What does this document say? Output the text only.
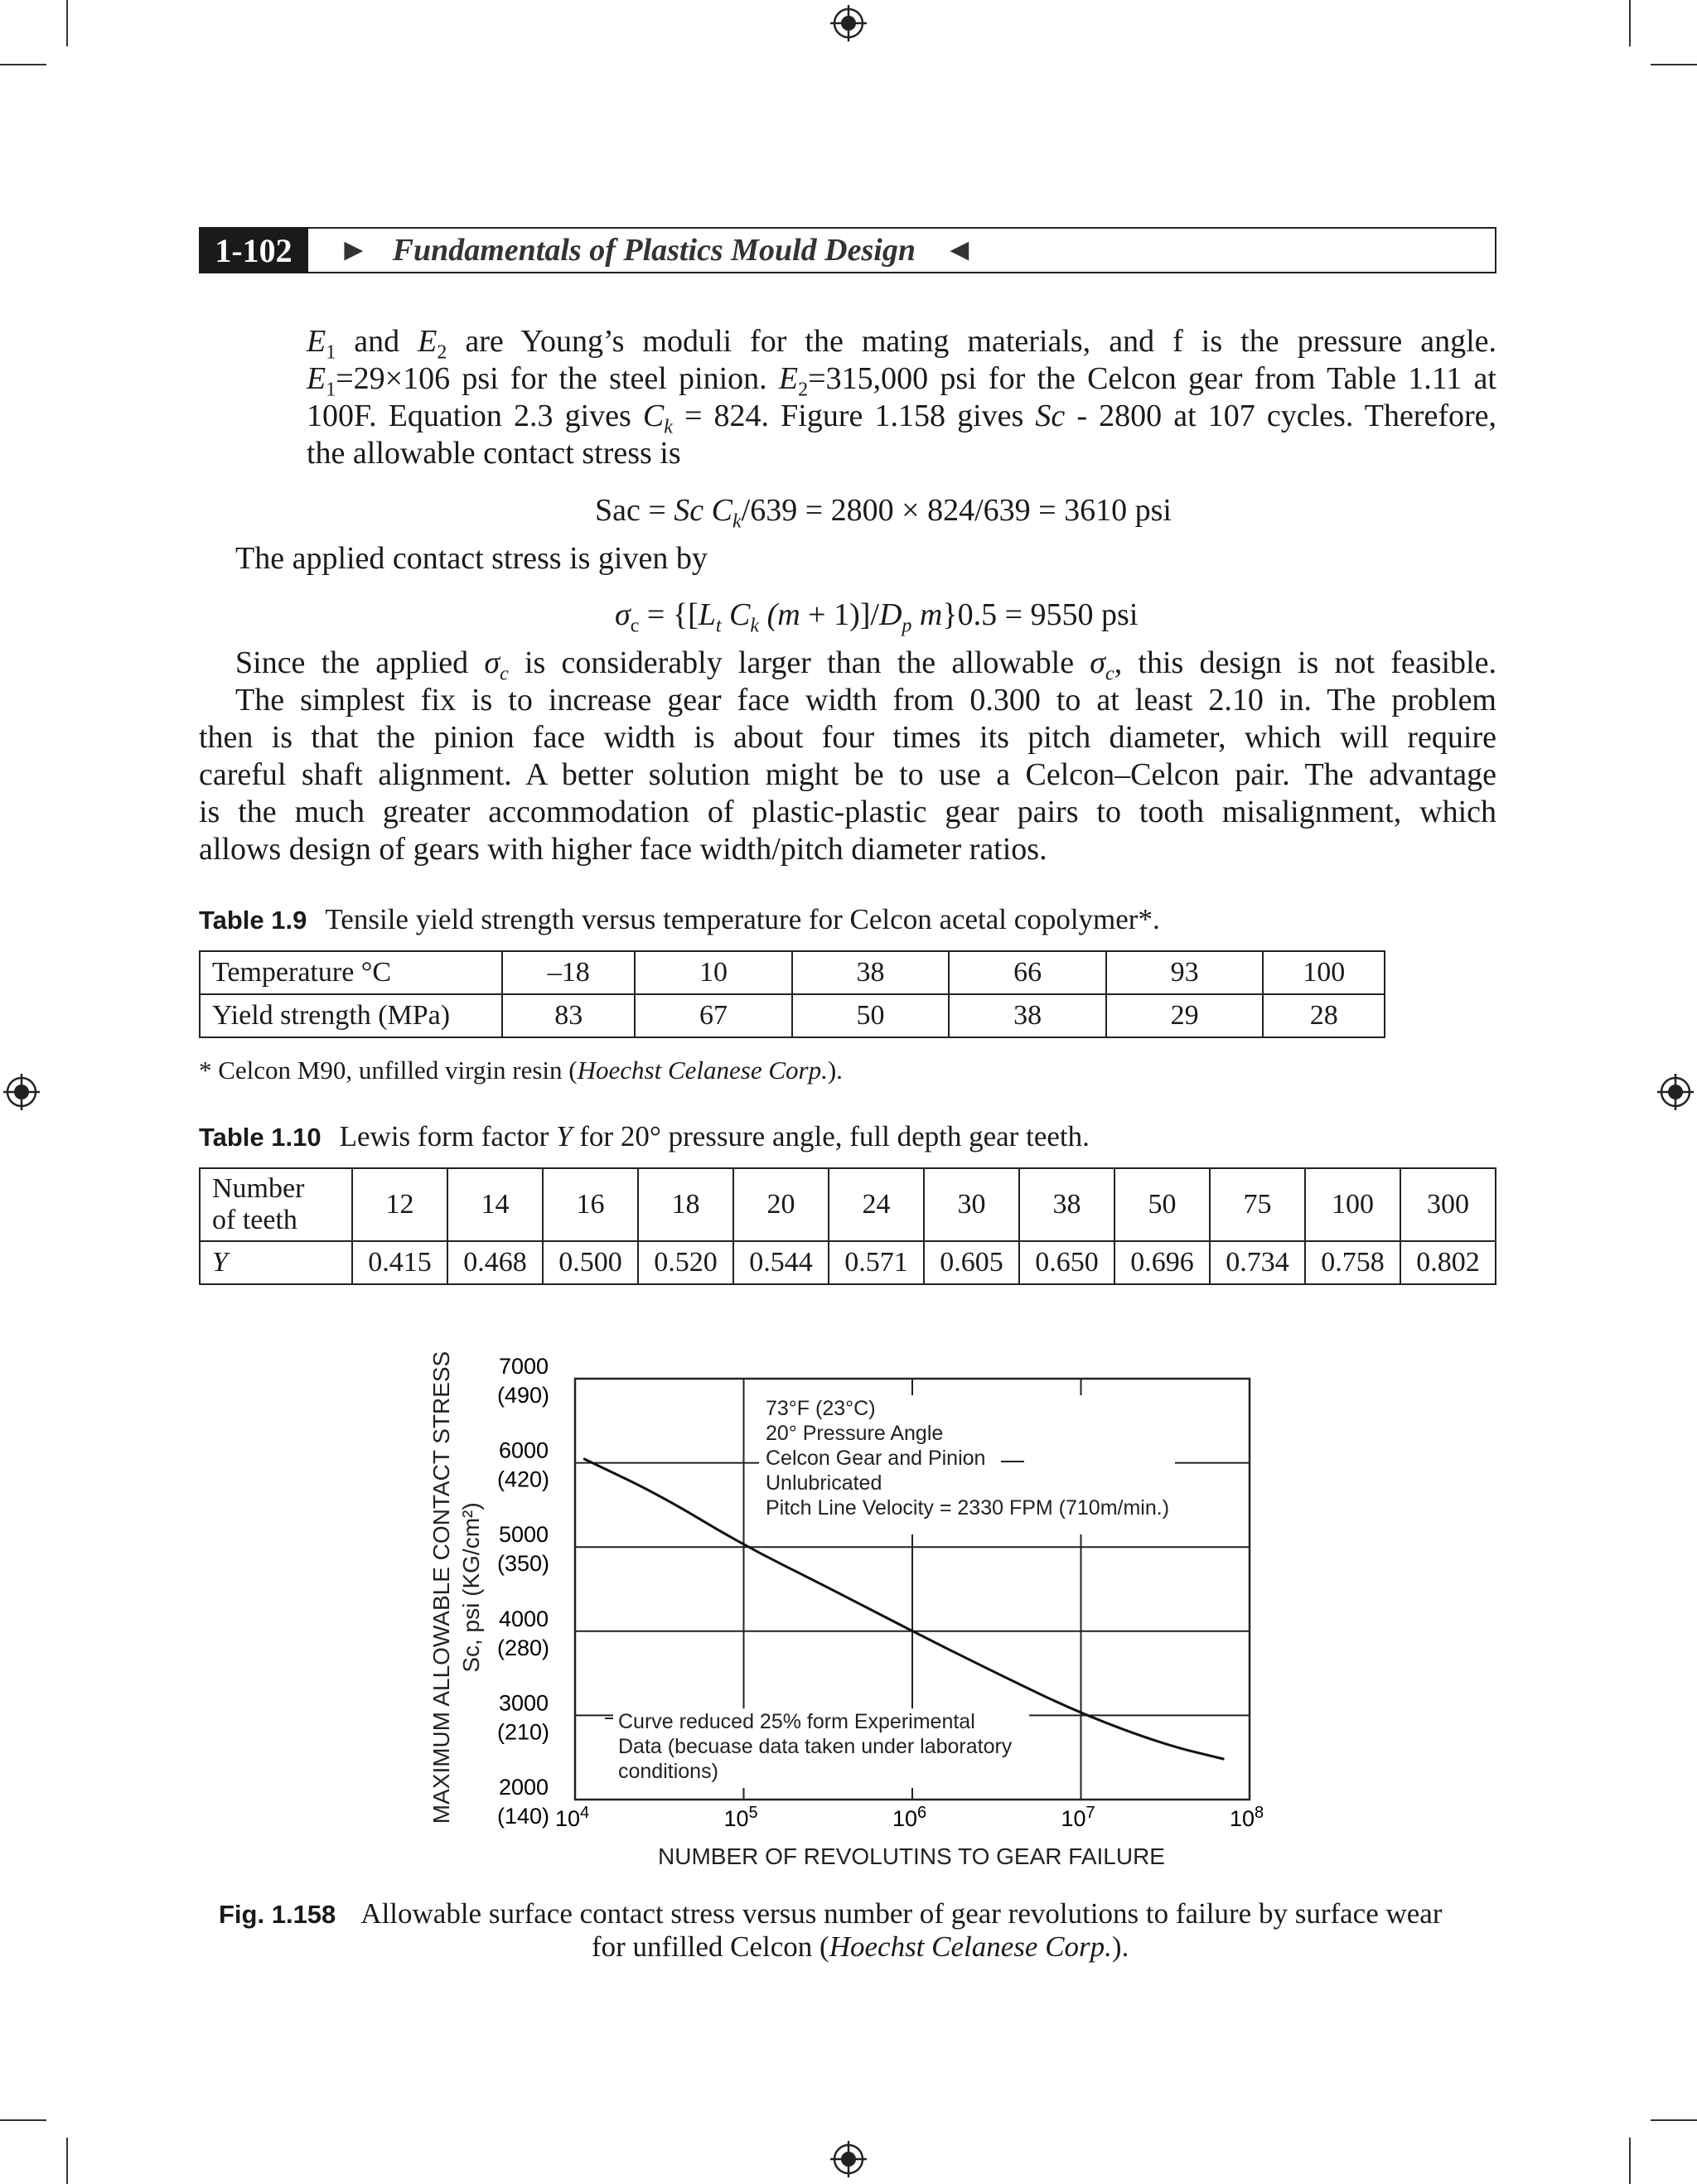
1-102	► Fundamentals of Plastics Mould Design ◄
$E_1$ and $E_2$ are Young’s moduli for the mating materials, and f is the pressure angle.
$E_1=29\times 106$ psi for the steel pinion. $E_2=315,000$ psi for the Celcon gear from Table 1.11 at
100F. Equation 2.3 gives $C_k = 824$. Figure 1.158 gives Sc - 2800 at 107 cycles. Therefore,
the allowable contact stress is
Sac = Sc $C_k/639 = 2800 \times 824/639 = 3610$ psi
The applied contact stress is given by
$\sigma_c = \{[L_t$ $C_k$ $(m + 1)]/D_p$ m}0.5 = 9550 psi
Since the applied $\sigma_c$ is considerably larger than the allowable $\sigma_c$, this design is not feasible.
The simplest fix is to increase gear face width from 0.300 to at least 2.10 in. The problem
then is that the pinion face width is about four times its pitch diameter, which will require
careful shaft alignment. A better solution might be to use a Celcon–Celcon pair. The advantage
is the much greater accommodation of plastic-plastic gear pairs to tooth misalignment, which
allows design of gears with higher face width/pitch diameter ratios.
Table 1.9 Tensile yield strength versus temperature for Celcon acetal copolymer*.
Temperature °C	–18	10	38	66	93	100
Yield strength (MPa)	83	67	50	38	29	28
* Celcon M90, unfilled virgin resin (Hoechst Celanese Corp.).
Table 1.10 Lewis form factor Y for 20° pressure angle, full depth gear teeth.
Number
of teeth	12	14	16	18	20	24	30	38	50	75	100	300
Y	0.415	0.468	0.500	0.520	0.544	0.571	0.605	0.650	0.696	0.734	0.758	0.802
7000
(490)
6000
(420)
5000
(350)
4000
(280)
3000
(210)
2000
(140) $10^4$	$10^5$	$10^6$	$10^7$	$10^8$
73°F (23°C)
20° Pressure Angle
Celcon Gear and Pinion
Unlubricated
Pitch Line Velocity = 2330 FPM (710m/min.)
Curve reduced 25% form Experimental
Data (becuase data taken under laboratory
conditions)
NUMBER OF REVOLUTINS TO GEAR FAILURE
MAXIMUM ALLOWABLE CONTACT STRESS Sc, psi (KG/cm²)
Fig. 1.158 Allowable surface contact stress versus number of gear revolutions to failure by surface wear
for unfilled Celcon (Hoechst Celanese Corp.).
